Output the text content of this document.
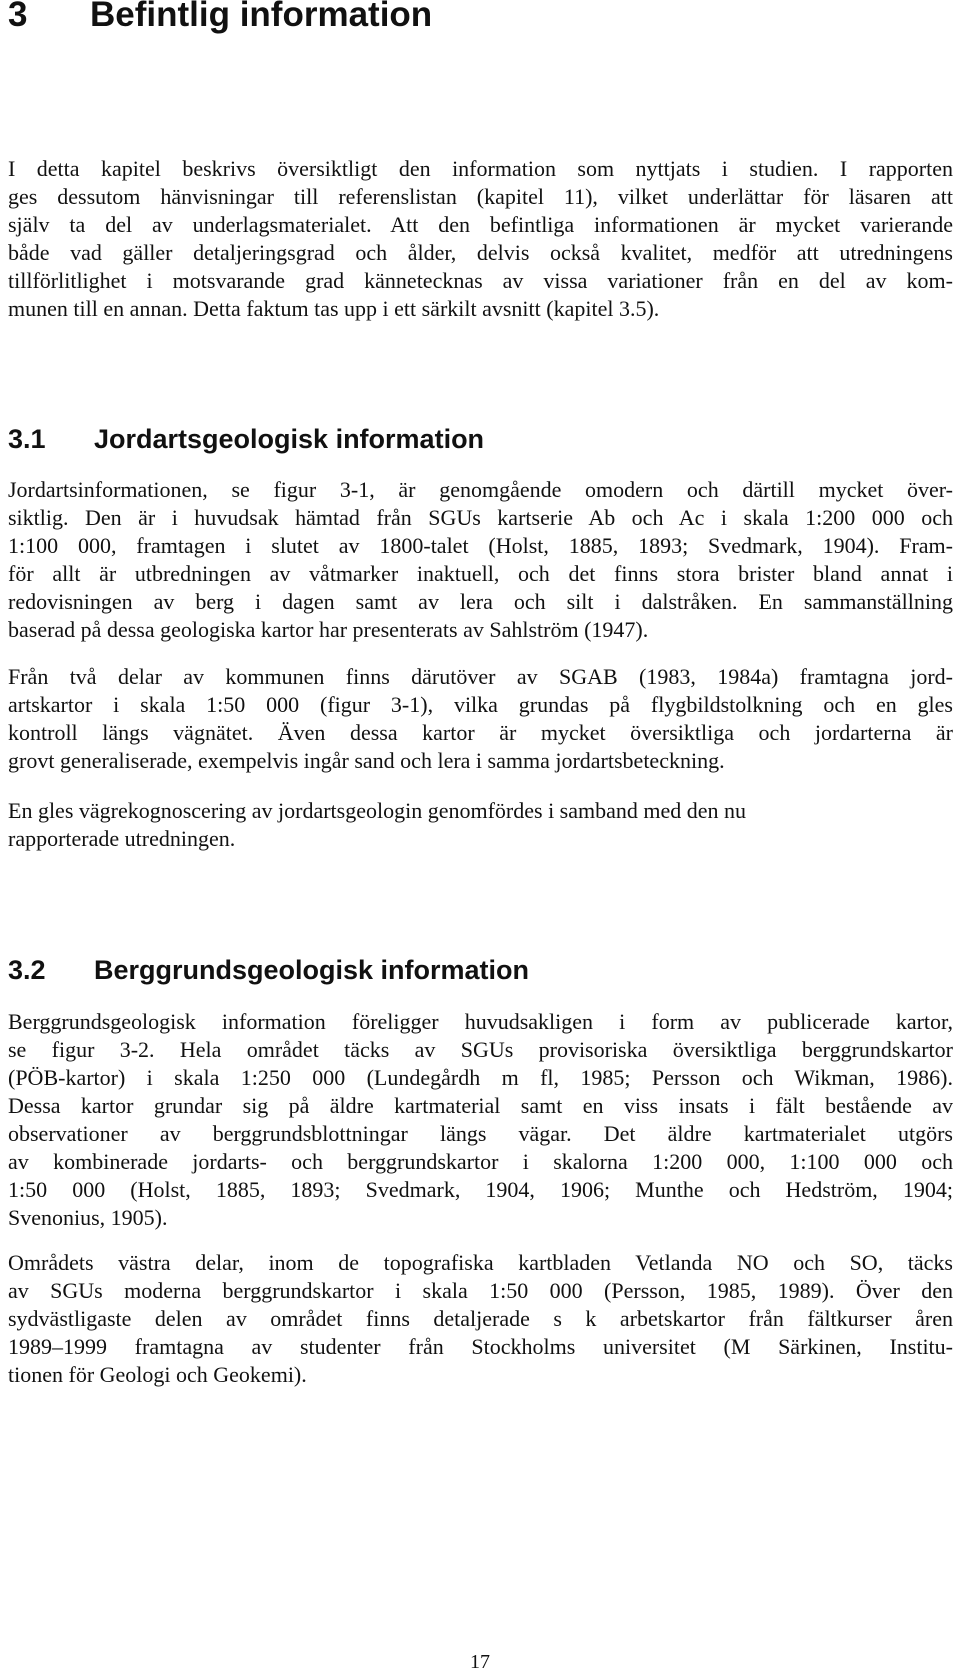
3 Befintlig information

I detta kapitel beskrivs översiktligt den information som nyttjats i studien. I rapporten
ges dessutom hänvisningar till referenslistan (kapitel 11), vilket underlättar för läsaren att
själv ta del av underlagsmaterialet. Att den befintliga informationen är mycket varierande
både vad gäller detaljeringsgrad och ålder, delvis också kvalitet, medför att utredningens
tillförlitlighet i motsvarande grad kännetecknas av vissa variationer från en del av kom-
munen till en annan. Detta faktum tas upp i ett särkilt avsnitt (kapitel 3.5).

3.1 Jordartsgeologisk information

Jordartsinformationen, se figur 3-1, är genomgående omodern och därtill mycket över-
siktlig. Den är i huvudsak hämtad från SGUs kartserie Ab och Ac i skala 1:200 000 och
1:100 000, framtagen i slutet av 1800-talet (Holst, 1885, 1893; Svedmark, 1904). Fram-
för allt är utbredningen av våtmarker inaktuell, och det finns stora brister bland annat i
redovisningen av berg i dagen samt av lera och silt i dalstråken. En sammanställning
baserad på dessa geologiska kartor har presenterats av Sahlström (1947).

Från två delar av kommunen finns därutöver av SGAB (1983, 1984a) framtagna jord-
artskartor i skala 1:50 000 (figur 3-1), vilka grundas på flygbildstolkning och en gles
kontroll längs vägnätet. Även dessa kartor är mycket översiktliga och jordarterna är
grovt generaliserade, exempelvis ingår sand och lera i samma jordartsbeteckning.

En gles vägrekognoscering av jordartsgeologin genomfördes i samband med den nu
rapporterade utredningen.

3.2 Berggrundsgeologisk information

Berggrundsgeologisk information föreligger huvudsakligen i form av publicerade kartor,
se figur 3-2. Hela området täcks av SGUs provisoriska översiktliga berggrundskartor
(PÖB-kartor) i skala 1:250 000 (Lundegårdh m fl, 1985; Persson och Wikman, 1986).
Dessa kartor grundar sig på äldre kartmaterial samt en viss insats i fält bestående av
observationer av berggrundsblottningar längs vägar. Det äldre kartmaterialet utgörs
av kombinerade jordarts- och berggrundskartor i skalorna 1:200 000, 1:100 000 och
1:50 000 (Holst, 1885, 1893; Svedmark, 1904, 1906; Munthe och Hedström, 1904;
Svenonius, 1905).

Områdets västra delar, inom de topografiska kartbladen Vetlanda NO och SO, täcks
av SGUs moderna berggrundskartor i skala 1:50 000 (Persson, 1985, 1989). Över den
sydvästligaste delen av området finns detaljerade s k arbetskartor från fältkurser åren
1989–1999 framtagna av studenter från Stockholms universitet (M Särkinen, Institu-
tionen för Geologi och Geokemi).

17
